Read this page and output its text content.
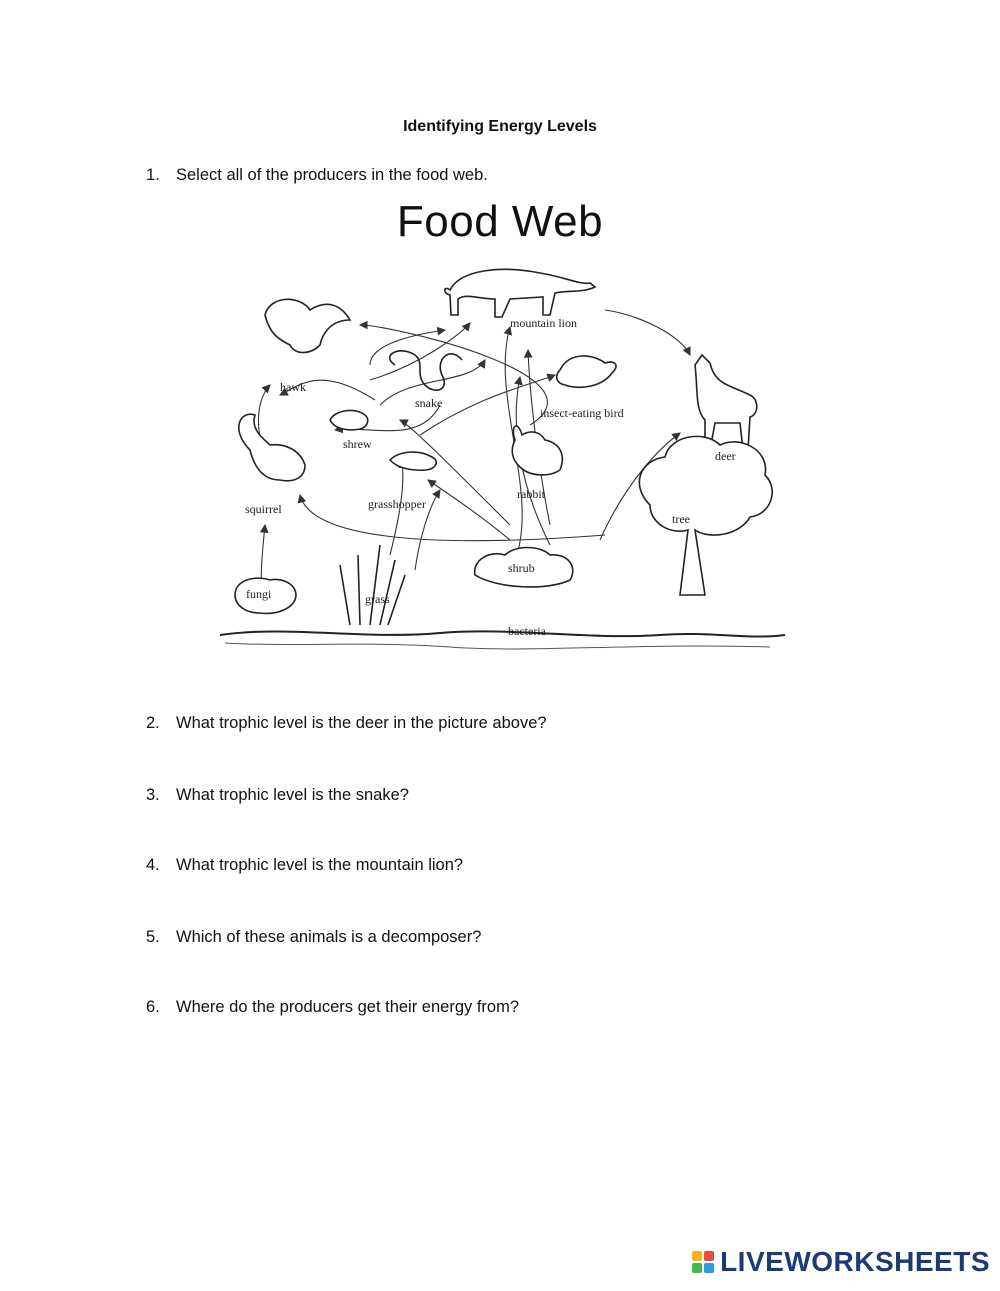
Identifying Energy Levels
1. Select all of the producers in the food web.
Food Web
mountain lion
hawk
snake
insect-eating bird
deer
shrew
squirrel	grasshopper
rabbit
tree
shrub
fungi	grass
bacteria
2. What trophic level is the deer in the picture above?
3. What trophic level is the snake?
4. What trophic level is the mountain lion?
5. Which of these animals is a decomposer?
6. Where do the producers get their energy from?
LIVEWORKSHEETS
